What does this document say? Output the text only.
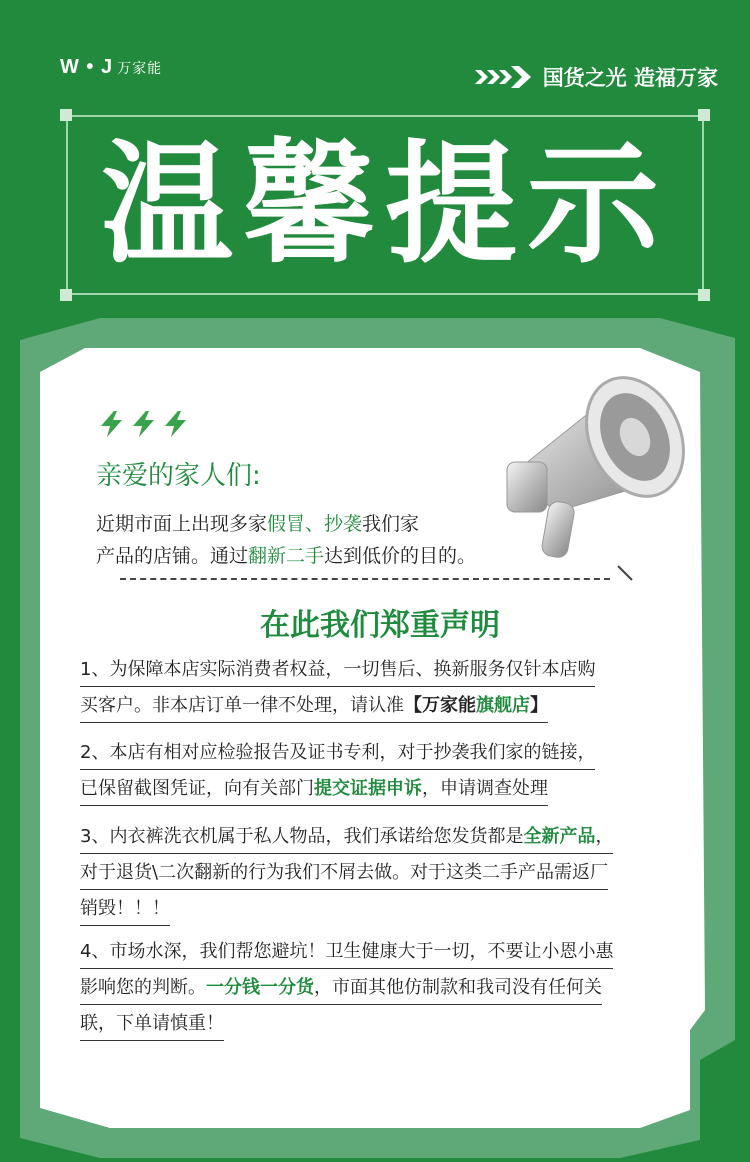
W • J 万家能	国货之光 造福万家
温馨提示
亲爱的家人们:
近期市面上出现多家假冒、抄袭我们家
产品的店铺。通过翻新二手达到低价的目的。
在此我们郑重声明
1、为保障本店实际消费者权益，一切售后、换新服务仅针本店购
买客户。非本店订单一律不处理，请认准【万家能旗舰店】
2、本店有相对应检验报告及证书专利，对于抄袭我们家的链接，
已保留截图凭证，向有关部门提交证据申诉，申请调查处理
3、内衣裤洗衣机属于私人物品，我们承诺给您发货都是全新产品，
对于退货\二次翻新的行为我们不屑去做。对于这类二手产品需返厂
销毁！！！
4、市场水深，我们帮您避坑！卫生健康大于一切，不要让小恩小惠
影响您的判断。一分钱一分货，市面其他仿制款和我司没有任何关
联，下单请慎重！
